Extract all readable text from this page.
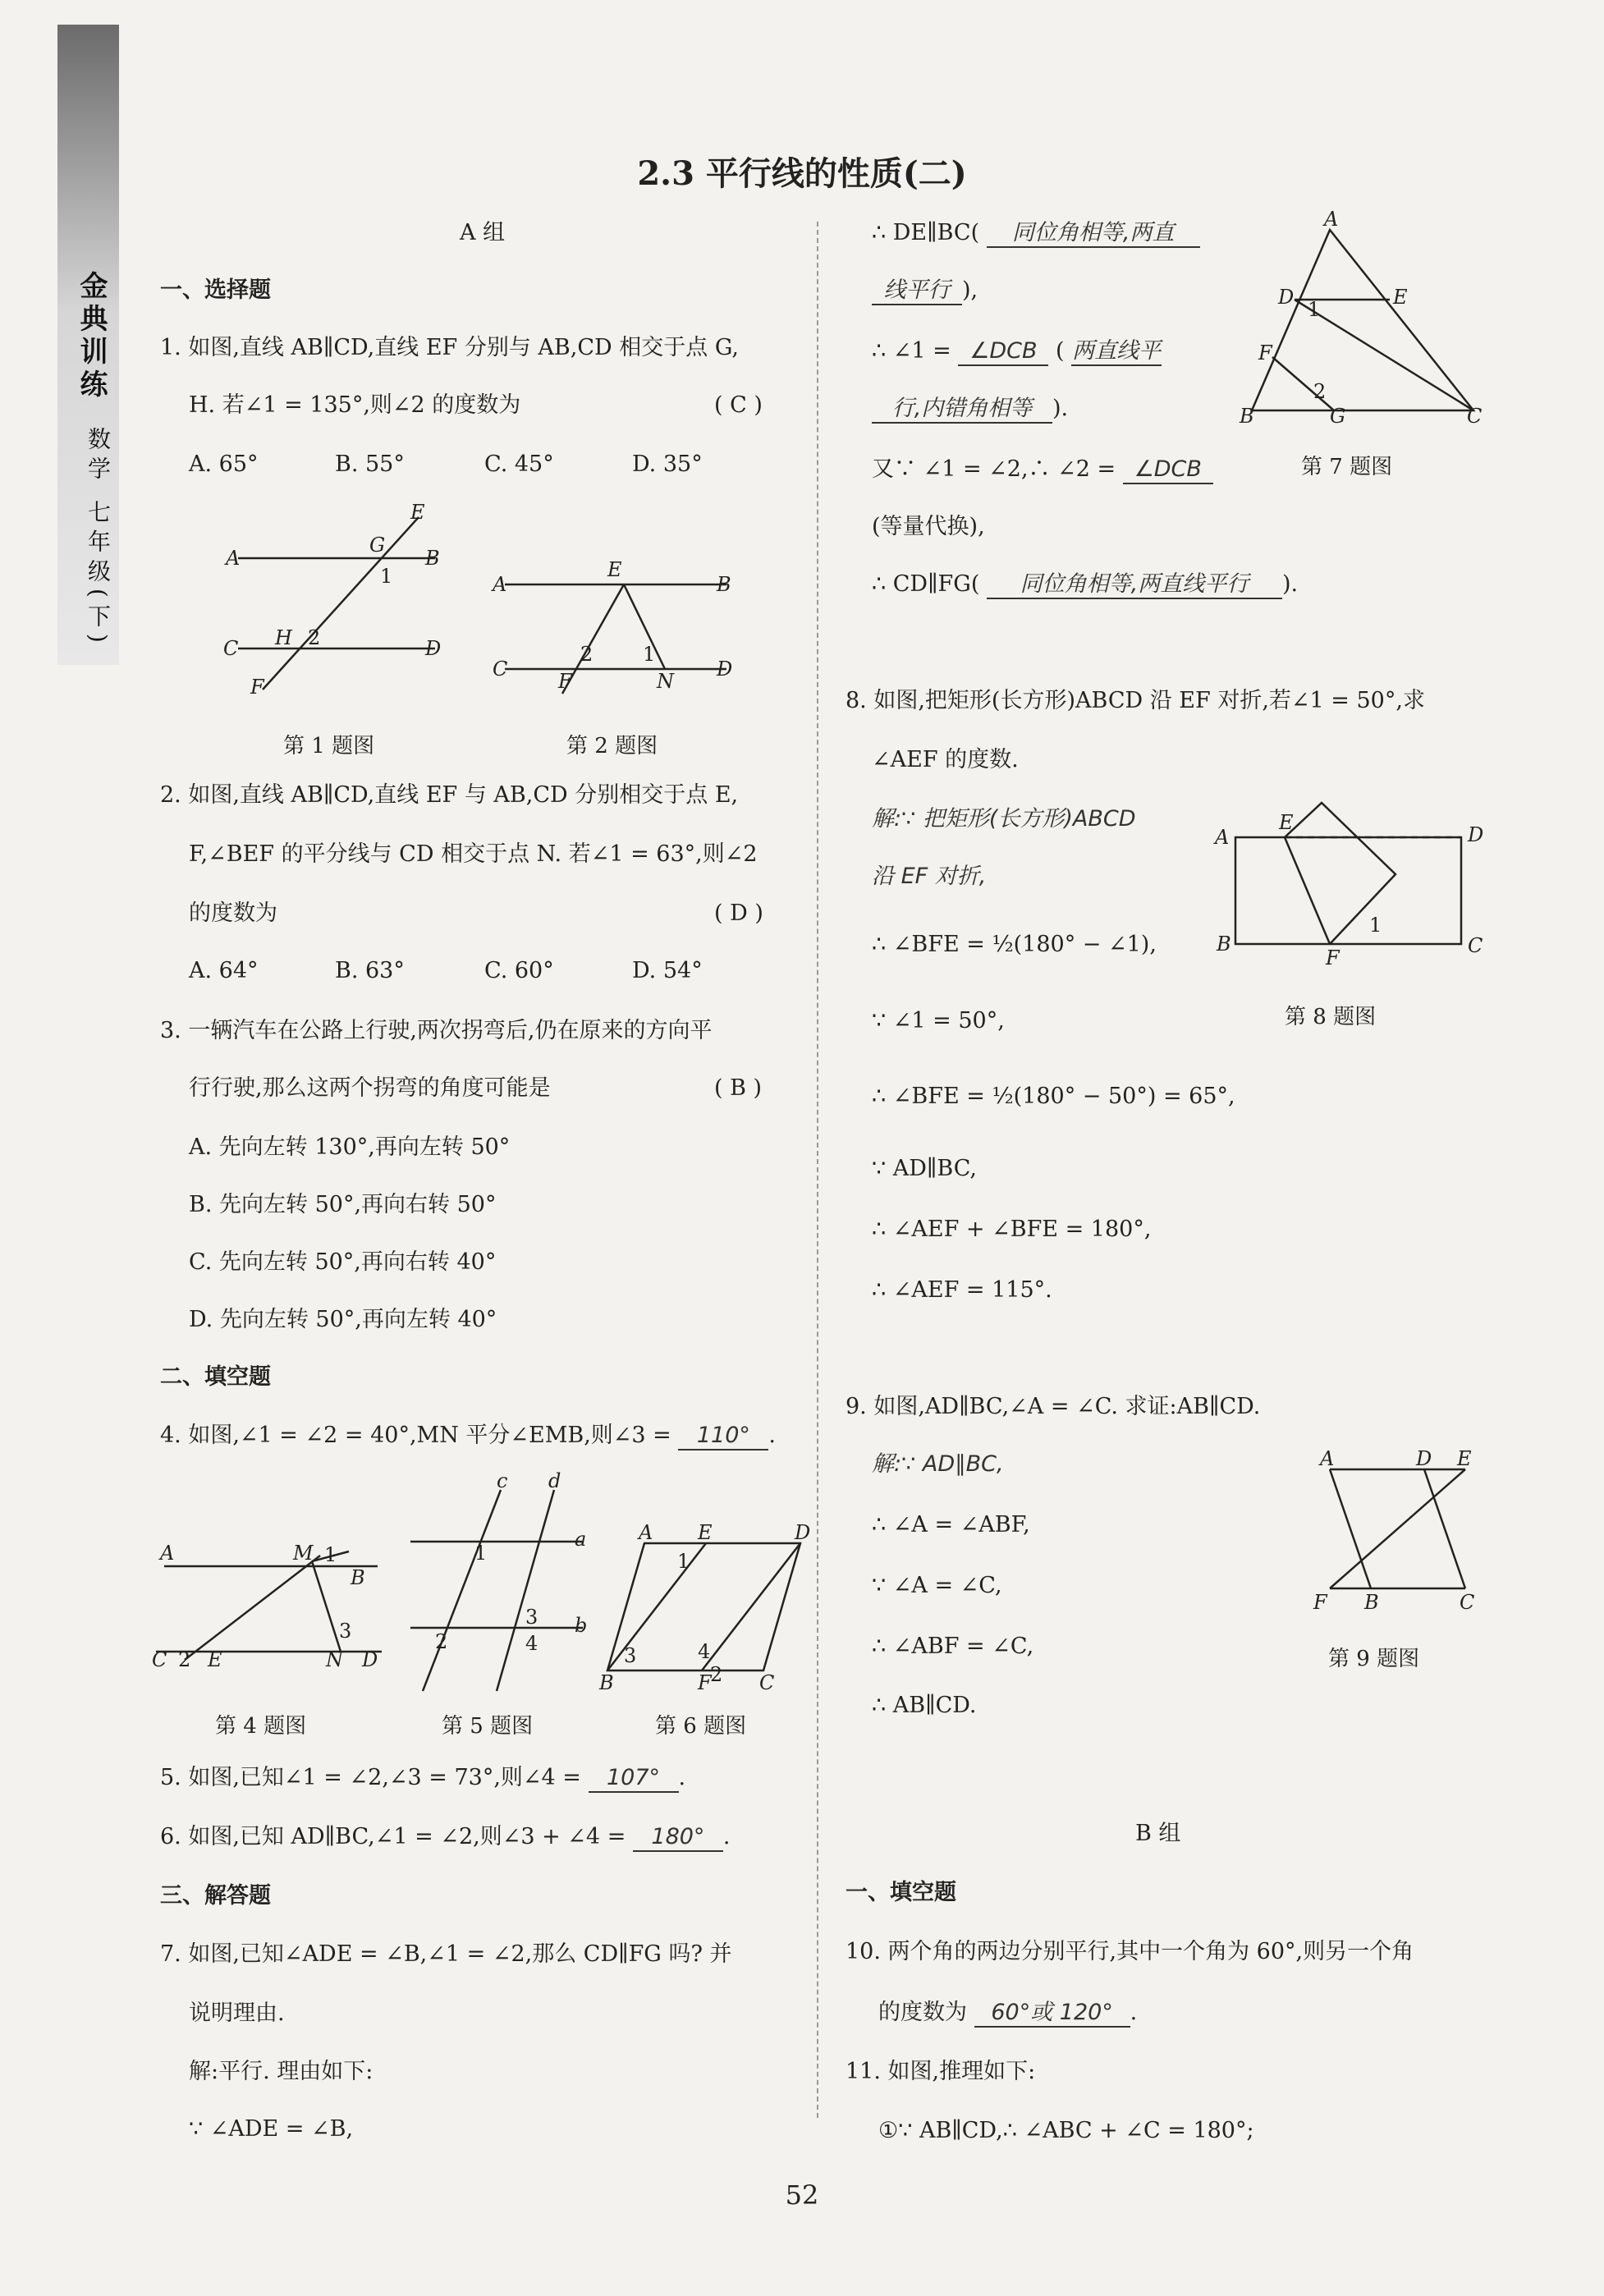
金典训练
数学 七年级(下)
2.3 平行线的性质(二)
A 组
一、选择题
1. 如图,直线 AB∥CD,直线 EF 分别与 AB,CD 相交于点 G,
H. 若∠1 = 135°,则∠2 的度数为	( C )
A. 65°	B. 55°	C. 45°	D. 35°
A	B
C	D
E
F
G
H
1
2
A	B
C	D
E
F	N
2	1
第 1 题图	第 2 题图
2. 如图,直线 AB∥CD,直线 EF 与 AB,CD 分别相交于点 E,
F,∠BEF 的平分线与 CD 相交于点 N. 若∠1 = 63°,则∠2
的度数为	( D )
A. 64°	B. 63°	C. 60°	D. 54°
3. 一辆汽车在公路上行驶,两次拐弯后,仍在原来的方向平
行行驶,那么这两个拐弯的角度可能是	( B )
A. 先向左转 130°,再向左转 50°
B. 先向左转 50°,再向右转 50°
C. 先向左转 50°,再向右转 40°
D. 先向左转 50°,再向左转 40°
二、填空题
4. 如图,∠1 = ∠2 = 40°,MN 平分∠EMB,则∠3 = 110° .
A	M
B
C E	N D
1
2
3
c d
a
b
1
2	4
3
A E	D
B	F C
1
3	4
2
第 4 题图	第 5 题图	第 6 题图
5. 如图,已知∠1 = ∠2,∠3 = 73°,则∠4 = 107° .
6. 如图,已知 AD∥BC,∠1 = ∠2,则∠3 + ∠4 = 180° .
三、解答题
7. 如图,已知∠ADE = ∠B,∠1 = ∠2,那么 CD∥FG 吗? 并
说明理由.
解:平行. 理由如下:
∵ ∠ADE = ∠B,
∴ DE∥BC( 同位角相等,两直
线平行 ),
∴ ∠1 = ∠DCB ( 两直线平
行,内错角相等 ).
又∵ ∠1 = ∠2,∴ ∠2 = ∠DCB
(等量代换),
∴ CD∥FG( 同位角相等,两直线平行 ).
A
D	E
F
B	G	C
1
2
第 7 题图
8. 如图,把矩形(长方形)ABCD 沿 EF 对折,若∠1 = 50°,求
∠AEF 的度数.
解:∵ 把矩形(长方形)ABCD
沿 EF 对折,
∴ ∠BFE = ½(180° − ∠1),
∵ ∠1 = 50°,
∴ ∠BFE = ½(180° − 50°) = 65°,
∵ AD∥BC,
∴ ∠AEF + ∠BFE = 180°,
∴ ∠AEF = 115°.
A	D
E
B	C
F
1
第 8 题图
9. 如图,AD∥BC,∠A = ∠C. 求证:AB∥CD.
解:∵ AD∥BC,
∴ ∠A = ∠ABF,
∵ ∠A = ∠C,
∴ ∠ABF = ∠C,
∴ AB∥CD.
A	D E
F B	C
第 9 题图
B 组
一、填空题
10. 两个角的两边分别平行,其中一个角为 60°,则另一个角
的度数为 60°或 120° .
11. 如图,推理如下:
①∵ AB∥CD,∴ ∠ABC + ∠C = 180°;
52
